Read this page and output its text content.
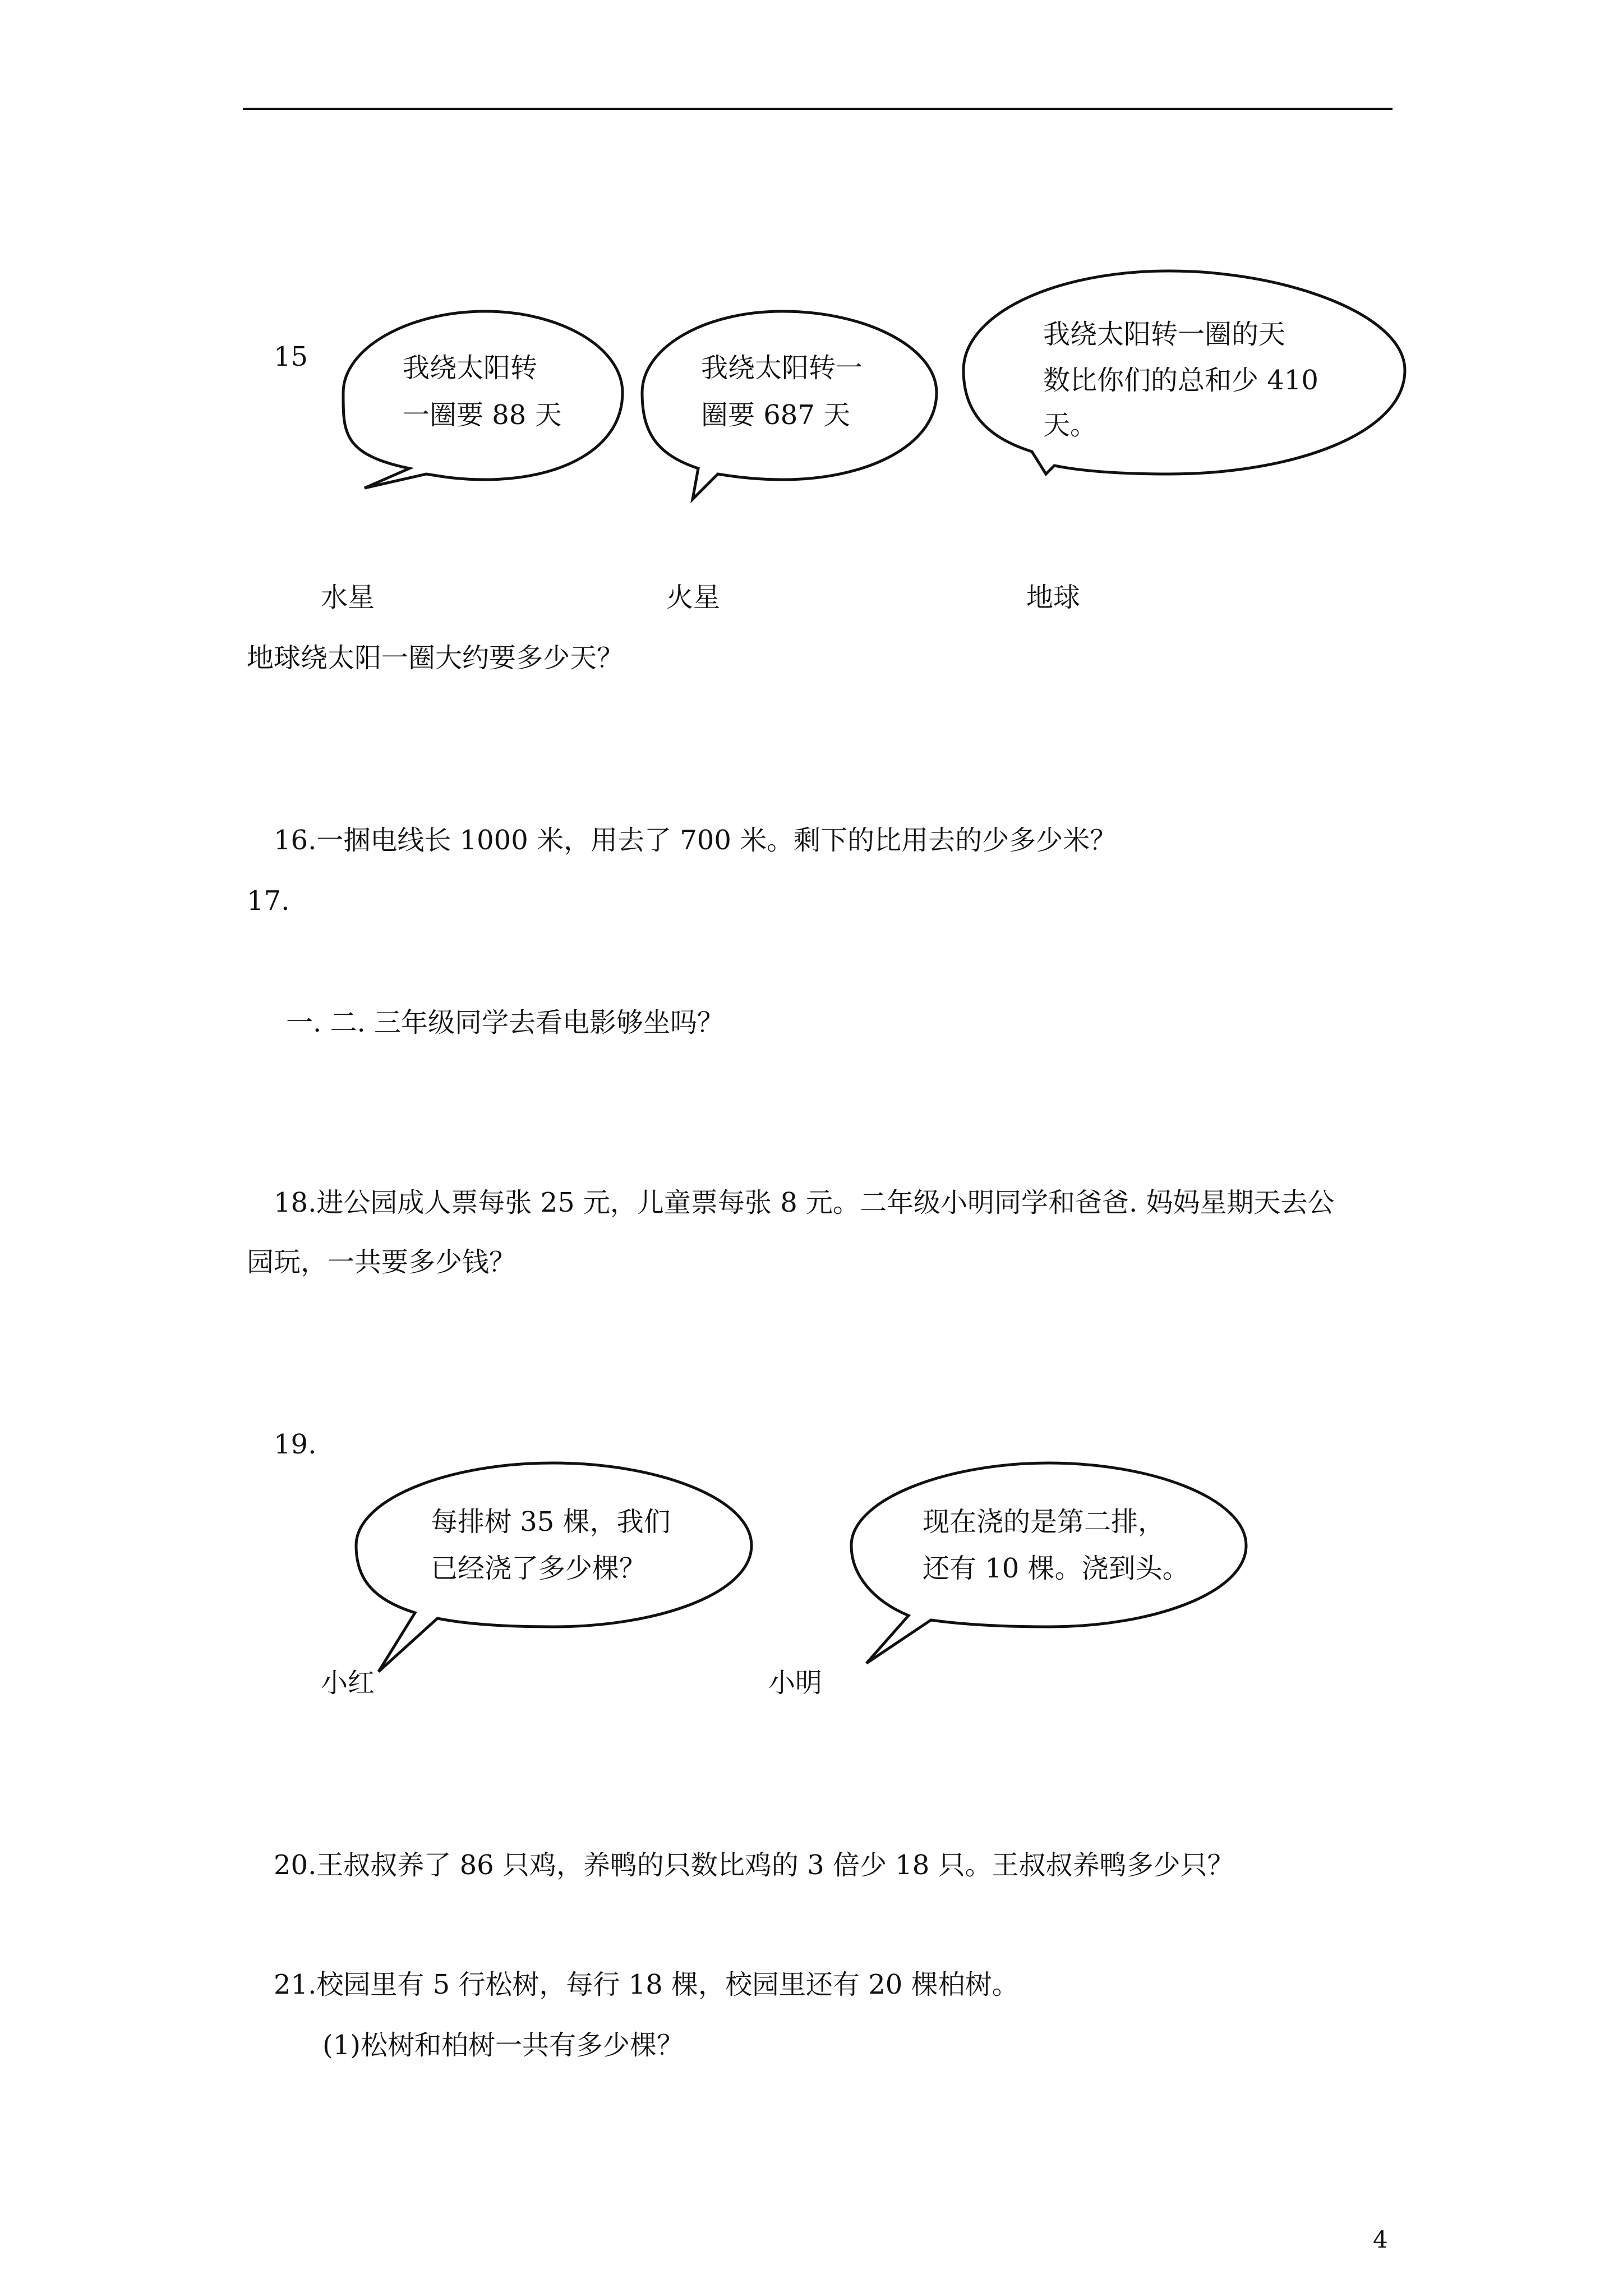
15	我绕太阳转
一圈要 88 天
我绕太阳转一
圈要 687 天
我绕太阳转一圈的天
数比你们的总和少 410
天。
水星	火星	地球
地球绕太阳一圈大约要多少天？
16.一捆电线长 1000 米，用去了 700 米。剩下的比用去的少多少米？
17.
一. 二. 三年级同学去看电影够坐吗？
18.进公园成人票每张 25 元，儿童票每张 8 元。二年级小明同学和爸爸. 妈妈星期天去公
园玩，一共要多少钱？
19.
每排树 35 棵，我们
已经浇了多少棵？
现在浇的是第二排，
还有 10 棵。浇到头。
小红	小明
20.王叔叔养了 86 只鸡，养鸭的只数比鸡的 3 倍少 18 只。王叔叔养鸭多少只？
21.校园里有 5 行松树，每行 18 棵，校园里还有 20 棵柏树。
(1)松树和柏树一共有多少棵？
4
